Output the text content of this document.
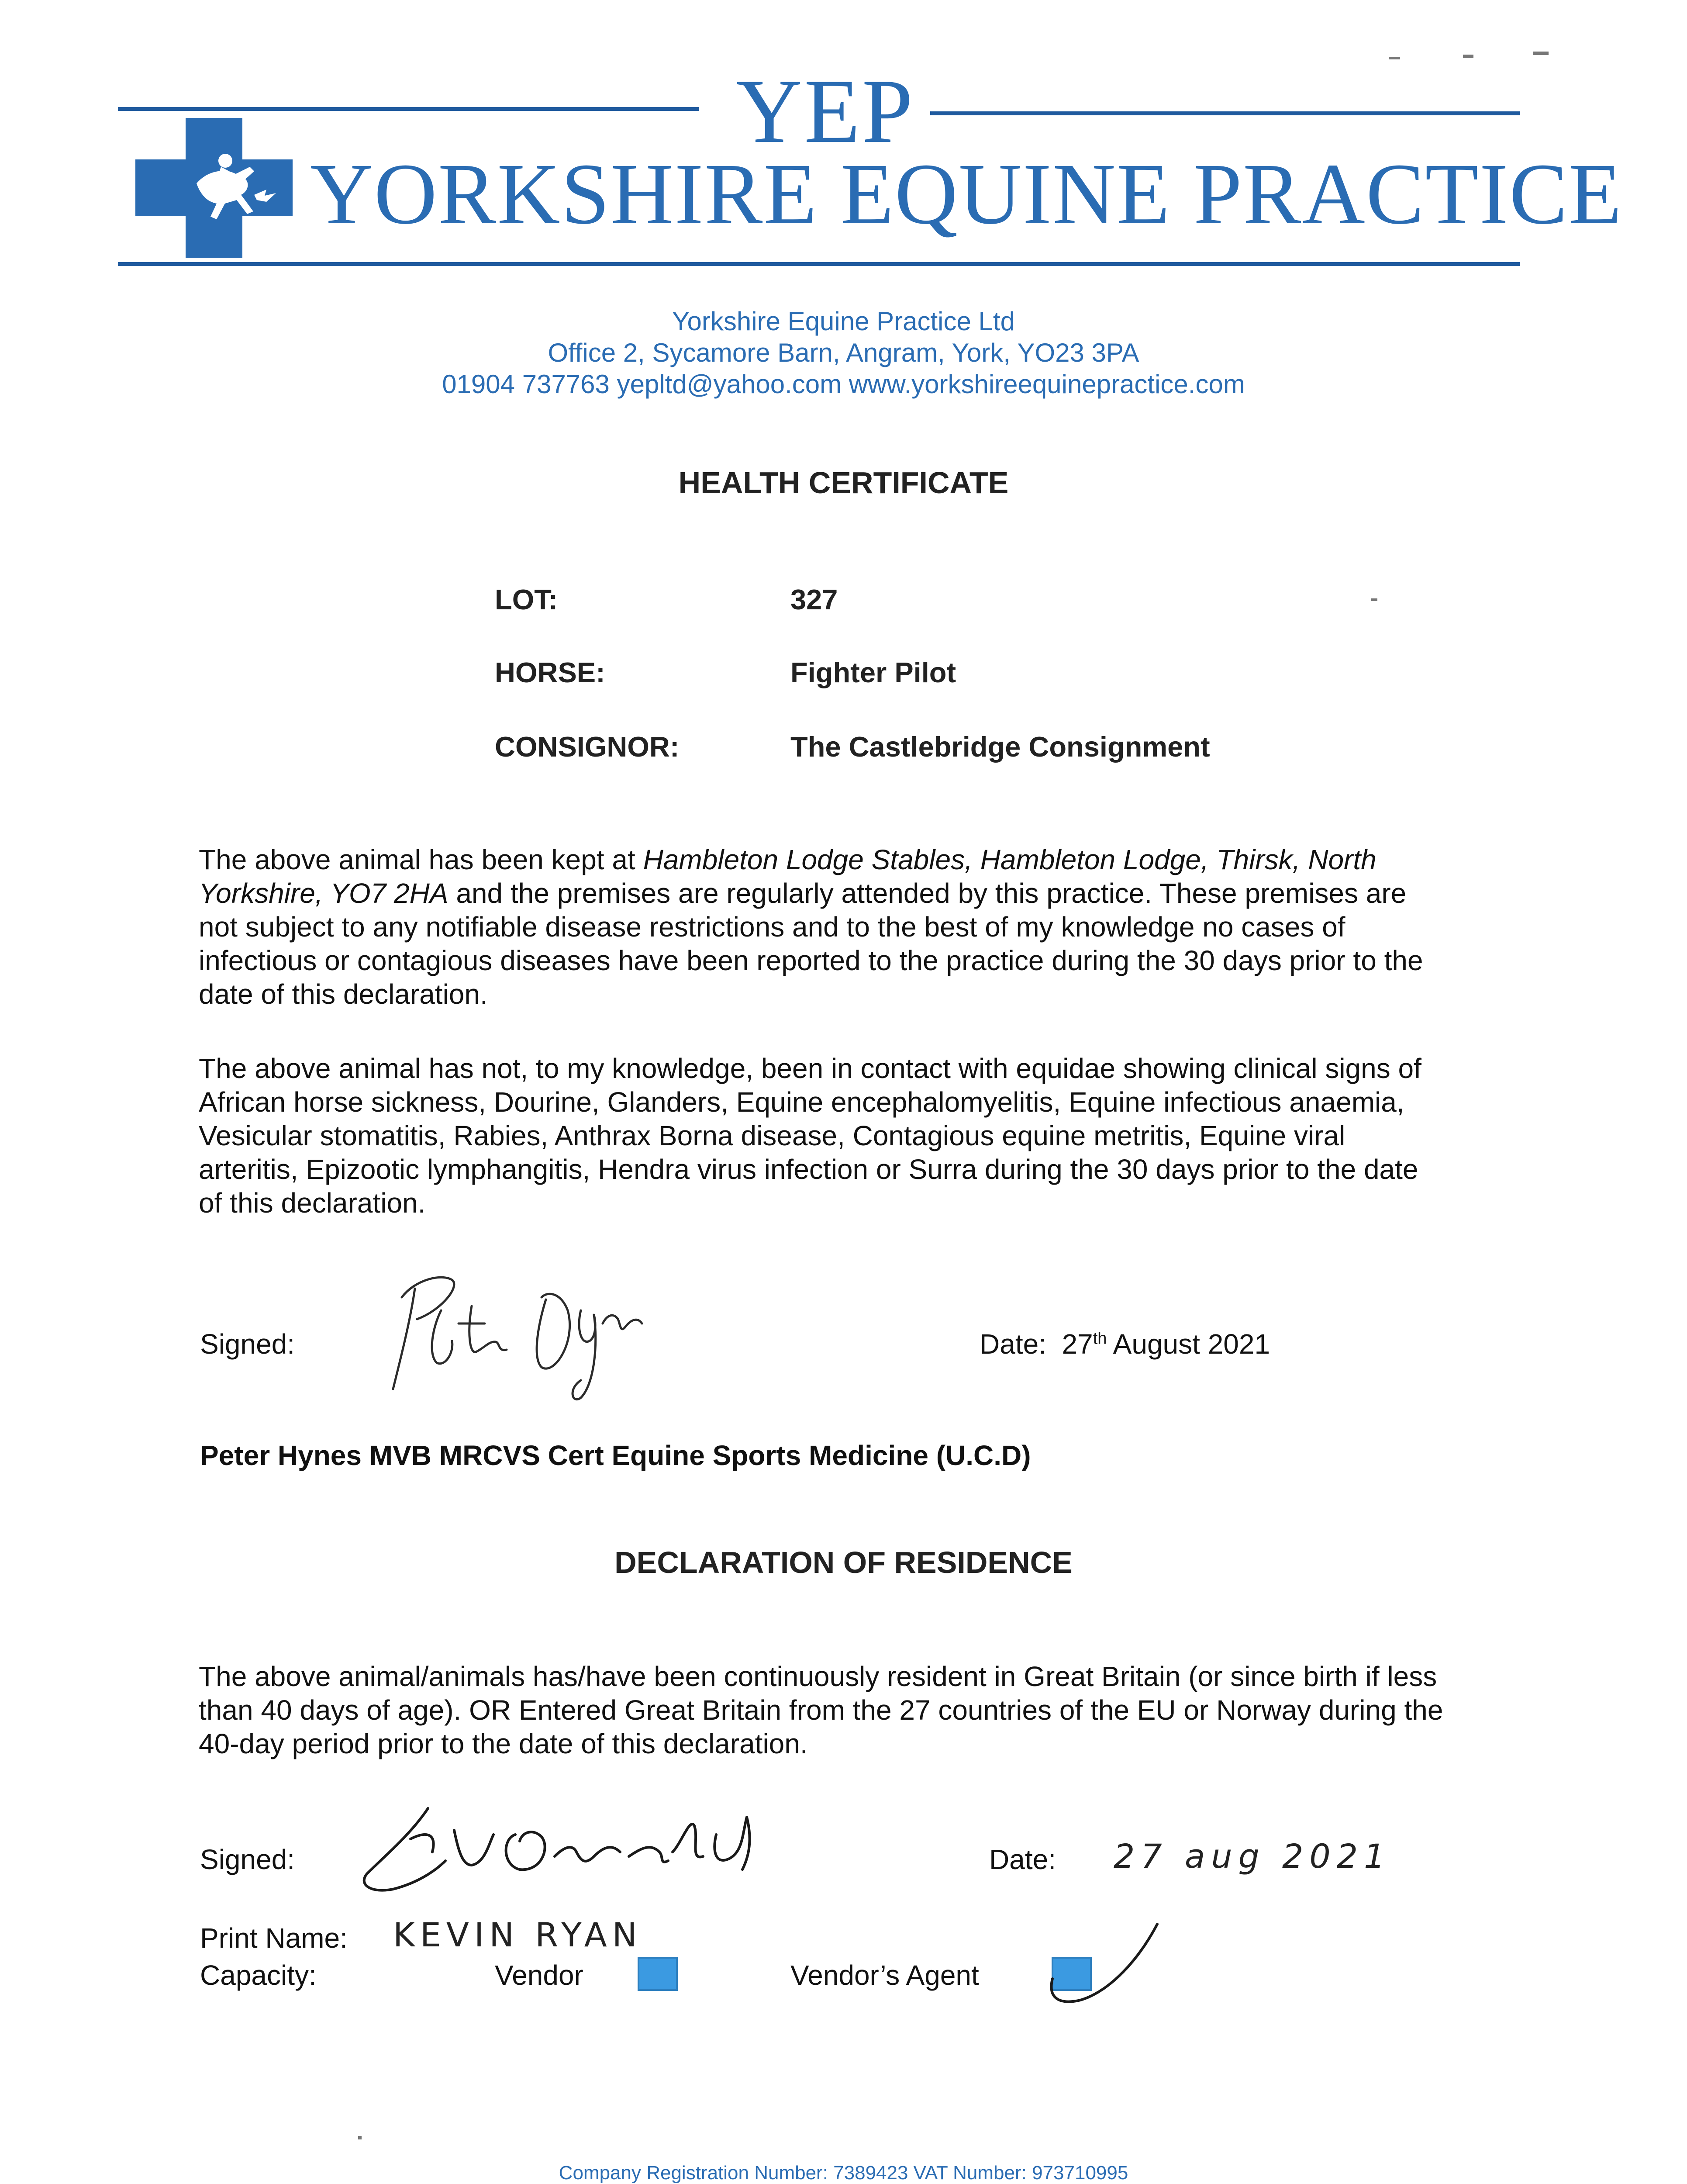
YEP
YORKSHIRE EQUINE PRACTICE
Yorkshire Equine Practice Ltd
Office 2, Sycamore Barn, Angram, York, YO23 3PA
01904 737763 yepltd@yahoo.com www.yorkshireequinepractice.com
HEALTH CERTIFICATE
LOT:	327
HORSE:	Fighter Pilot
CONSIGNOR:	The Castlebridge Consignment

The above animal has been kept at Hambleton Lodge Stables, Hambleton Lodge, Thirsk, North Yorkshire, YO7 2HA and the premises are regularly attended by this practice. These premises are not subject to any notifiable disease restrictions and to the best of my knowledge no cases of infectious or contagious diseases have been reported to the practice during the 30 days prior to the date of this declaration.

The above animal has not, to my knowledge, been in contact with equidae showing clinical signs of African horse sickness, Dourine, Glanders, Equine encephalomyelitis, Equine infectious anaemia, Vesicular stomatitis, Rabies, Anthrax Borna disease, Contagious equine metritis, Equine viral arteritis, Epizootic lymphangitis, Hendra virus infection or Surra during the 30 days prior to the date of this declaration.

Signed:	Date: 27th August 2021
Peter Hynes MVB MRCVS Cert Equine Sports Medicine (U.C.D)
DECLARATION OF RESIDENCE

The above animal/animals has/have been continuously resident in Great Britain (or since birth if less than 40 days of age). OR Entered Great Britain from the 27 countries of the EU or Norway during the 40-day period prior to the date of this declaration.

Signed:	Date: 27 aug 2021
Print Name: KEVIN RYAN
Capacity:	Vendor	Vendor’s Agent
Company Registration Number: 7389423 VAT Number: 973710995
